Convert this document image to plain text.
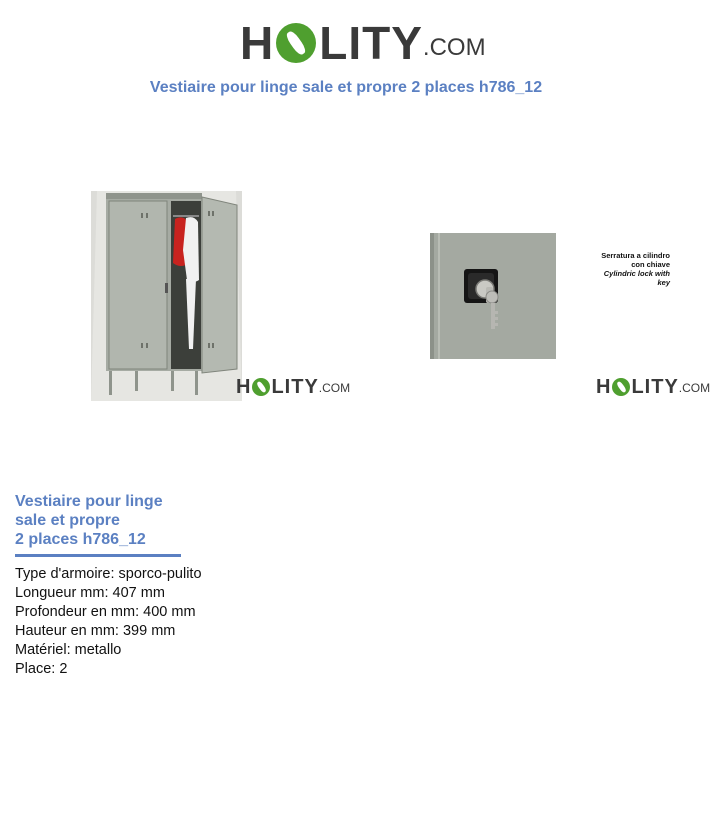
H LITY .COM
Vestiaire pour linge sale et propre 2 places h786_12
H LITY .COM
Serratura a cilindro
con chiave
Cylindric lock with
key
H LITY .COM
Vestiaire pour linge
sale et propre
2 places h786_12
Type d'armoire: sporco-pulito
Longueur mm: 407 mm
Profondeur en mm: 400 mm
Hauteur en mm: 399 mm
Matériel: metallo
Place: 2
